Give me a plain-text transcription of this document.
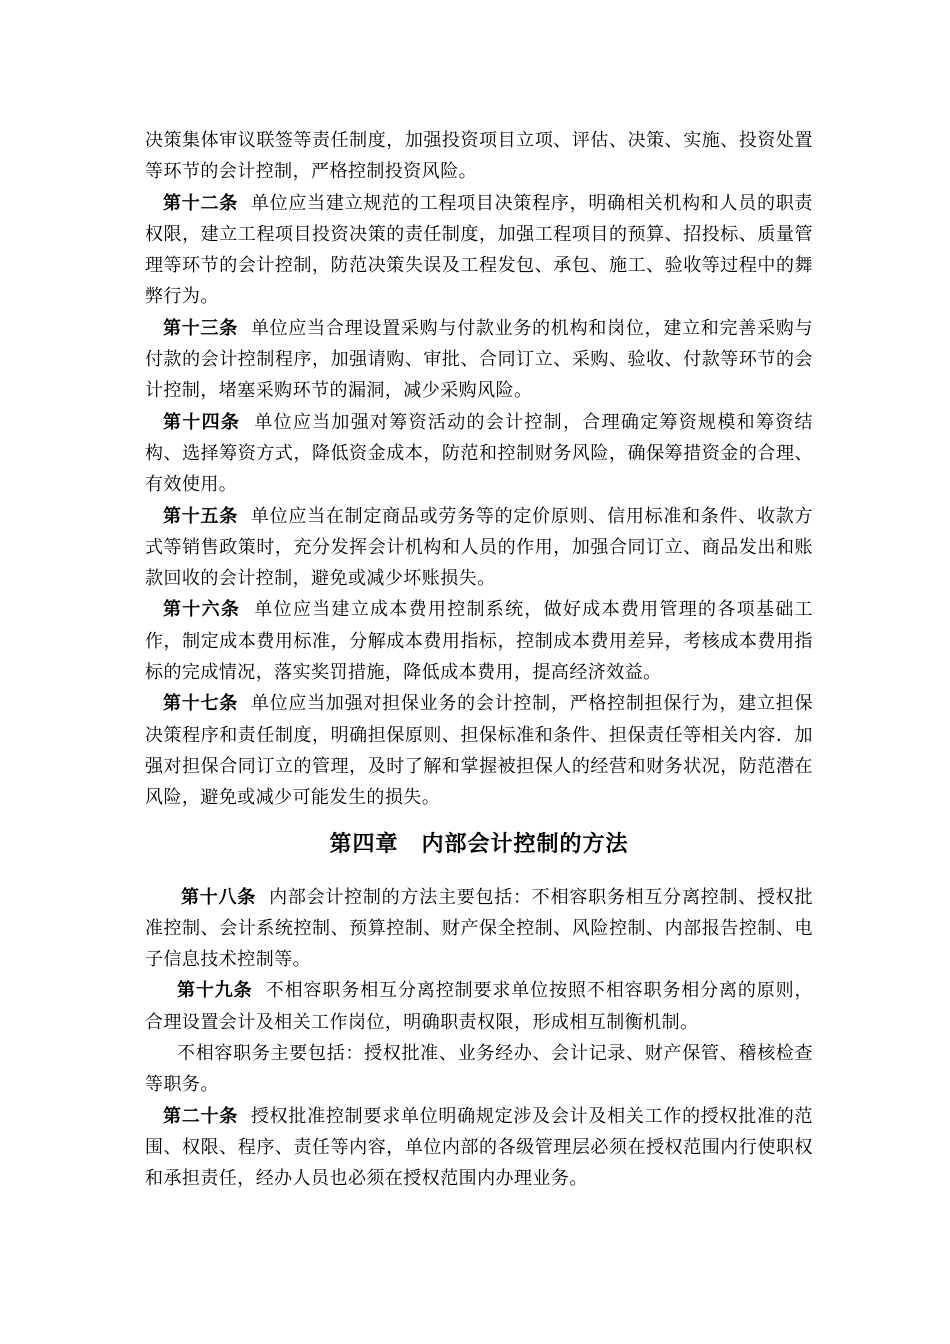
决策集体审议联签等责任制度，加强投资项目立项、评估、决策、实施、投资处置等环节的会计控制，严格控制投资风险。

第十二条 单位应当建立规范的工程项目决策程序，明确相关机构和人员的职责权限，建立工程项目投资决策的责任制度，加强工程项目的预算、招投标、质量管理等环节的会计控制，防范决策失误及工程发包、承包、施工、验收等过程中的舞弊行为。

第十三条 单位应当合理设置采购与付款业务的机构和岗位，建立和完善采购与付款的会计控制程序，加强请购、审批、合同订立、采购、验收、付款等环节的会计控制，堵塞采购环节的漏洞，减少采购风险。

第十四条 单位应当加强对筹资活动的会计控制，合理确定筹资规模和筹资结构、选择筹资方式，降低资金成本，防范和控制财务风险，确保筹措资金的合理、有效使用。

第十五条 单位应当在制定商品或劳务等的定价原则、信用标准和条件、收款方式等销售政策时，充分发挥会计机构和人员的作用，加强合同订立、商品发出和账款回收的会计控制，避免或减少坏账损失。

第十六条 单位应当建立成本费用控制系统，做好成本费用管理的各项基础工作，制定成本费用标准，分解成本费用指标，控制成本费用差异，考核成本费用指标的完成情况，落实奖罚措施，降低成本费用，提高经济效益。

第十七条 单位应当加强对担保业务的会计控制，严格控制担保行为，建立担保决策程序和责任制度，明确担保原则、担保标准和条件、担保责任等相关内容．加强对担保合同订立的管理，及时了解和掌握被担保人的经营和财务状况，防范潜在风险，避免或减少可能发生的损失。

第四章　内部会计控制的方法

第十八条 内部会计控制的方法主要包括：不相容职务相互分离控制、授权批准控制、会计系统控制、预算控制、财产保全控制、风险控制、内部报告控制、电子信息技术控制等。

第十九条 不相容职务相互分离控制要求单位按照不相容职务相分离的原则，合理设置会计及相关工作岗位，明确职责权限，形成相互制衡机制。

不相容职务主要包括：授权批准、业务经办、会计记录、财产保管、稽核检查等职务。

第二十条 授权批准控制要求单位明确规定涉及会计及相关工作的授权批准的范围、权限、程序、责任等内容，单位内部的各级管理层必须在授权范围内行使职权和承担责任，经办人员也必须在授权范围内办理业务。
